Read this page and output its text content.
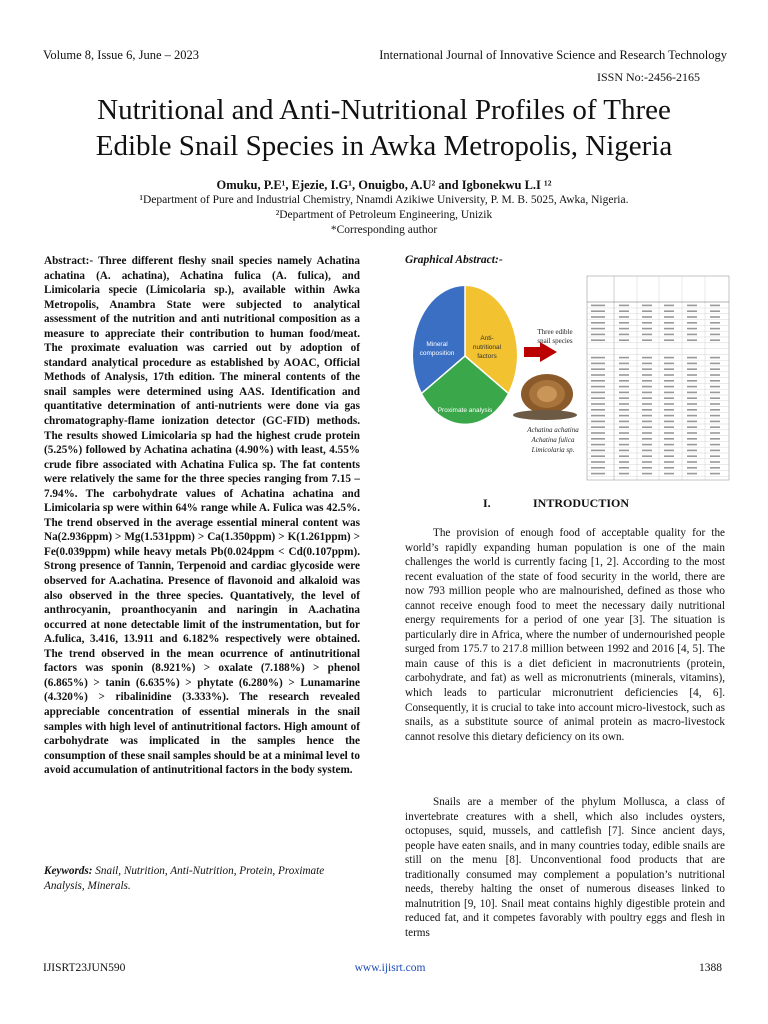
Volume 8, Issue 6, June – 2023	International Journal of Innovative Science and Research Technology
ISSN No:-2456-2165
Nutritional and Anti-Nutritional Profiles of Three
Edible Snail Species in Awka Metropolis, Nigeria
Omuku, P.E¹, Ejezie, I.G¹, Onuigbo, A.U² and Igbonekwu L.I ¹²
¹Department of Pure and Industrial Chemistry, Nnamdi Azikiwe University, P. M. B. 5025, Awka, Nigeria.
²Department of Petroleum Engineering, Unizik
*Corresponding author
Abstract:- Three different fleshy snail species namely Achatina achatina (A. achatina), Achatina fulica (A. fulica), and Limicolaria specie (Limicolaria sp.), available within Awka Metropolis, Anambra State were subjected to analytical assessment of the nutrition and anti nutritional composition as a measure to appreciate their contribution to human food/meat. The proximate evaluation was carried out by adoption of standard analytical procedure as established by AOAC, Official Methods of Analysis, 17th edition. The mineral contents of the snail samples were determined using AAS. Identification and quantitative determination of anti-nutrients were done via gas chromatography-flame ionization detector (GC-FID) methods. The results showed Limicolaria sp had the highest crude protein (5.25%) followed by Achatina achatina (4.90%) with least, 4.55% crude fibre associated with Achatina Fulica sp. The fat contents were relatively the same for the three species ranging from 7.15 – 7.94%. The carbohydrate values of Achatina achatina and Limicolaria sp were within 64% range while A. Fulica was 42.5%. The trend observed in the average essential mineral content was Na(2.936ppm) > Mg(1.531ppm) > Ca(1.350ppm) > K(1.261ppm) > Fe(0.039ppm) while heavy metals Pb(0.024ppm < Cd(0.107ppm). Strong presence of Tannin, Terpenoid and cardiac glycoside were observed for A.achatina. Presence of flavonoid and alkaloid was also observed in the three species. Quantatively, the level of anthrocyanin, proanthocyanin and naringin in A.achatina occurred at none detectable limit of the instrumentation, but for A.fulica, 3.416, 13.911 and 6.182% respectively were obtained. The trend observed in the mean ocurrence of antinutritional factors was sponin (8.921%) > oxalate (7.188%) > phenol (6.865%) > tanin (6.635%) > phytate (6.280%) > Lunamarine (4.320%) > ribalinidine (3.333%). The research revealed appreciable concentration of essential minerals in the snail samples with high level of antinutritional factors. High amount of carbohydrate was implicated in the samples hence the consumption of these snail samples should be at a minimal level to avoid accumulation of antinutritional factors in the body system.
Keywords: Snail, Nutrition, Anti-Nutrition, Protein, Proximate Analysis, Minerals.
Graphical Abstract:-
Mineral
composition
Anti-
nutritional
factors
Proximate analysis
Three edible
snail species
Achatina achatina
Achatina fulica
Limicolaria sp.
I.	INTRODUCTION
The provision of enough food of acceptable quality for the world’s rapidly expanding human population is one of the main challenges the world is currently facing [1, 2]. According to the most recent evaluation of the state of food security in the world, there are now 793 million people who are malnourished, defined as those who cannot receive enough food to meet the necessary daily nutritional energy requirements for a period of one year [3]. The situation is particularly dire in Africa, where the number of undernourished people surged from 175.7 to 217.8 million between 1992 and 2016 [4, 5]. The main cause of this is a diet deficient in macronutrients (protein, carbohydrate, and fat) as well as micronutrients (minerals, vitamins), which leads to particular micronutrient deficiencies [4, 6]. Consequently, it is crucial to take into account micro-livestock, such as snails, as a substitute source of animal protein as macro-livestock cannot resolve this dietary deficiency on its own.
Snails are a member of the phylum Mollusca, a class of invertebrate creatures with a shell, which also includes oysters, octopuses, squid, mussels, and cattlefish [7]. Since ancient days, people have eaten snails, and in many countries today, edible snails are still on the menu [8]. Unconventional food products that are traditionally consumed may complement a population’s nutritional needs, thereby halting the onset of numerous diseases linked to malnutrition [9, 10]. Snail meat contains highly digestible protein and reduced fat, and it competes favorably with poultry eggs and flesh in terms
IJISRT23JUN590	www.ijisrt.com	1388
